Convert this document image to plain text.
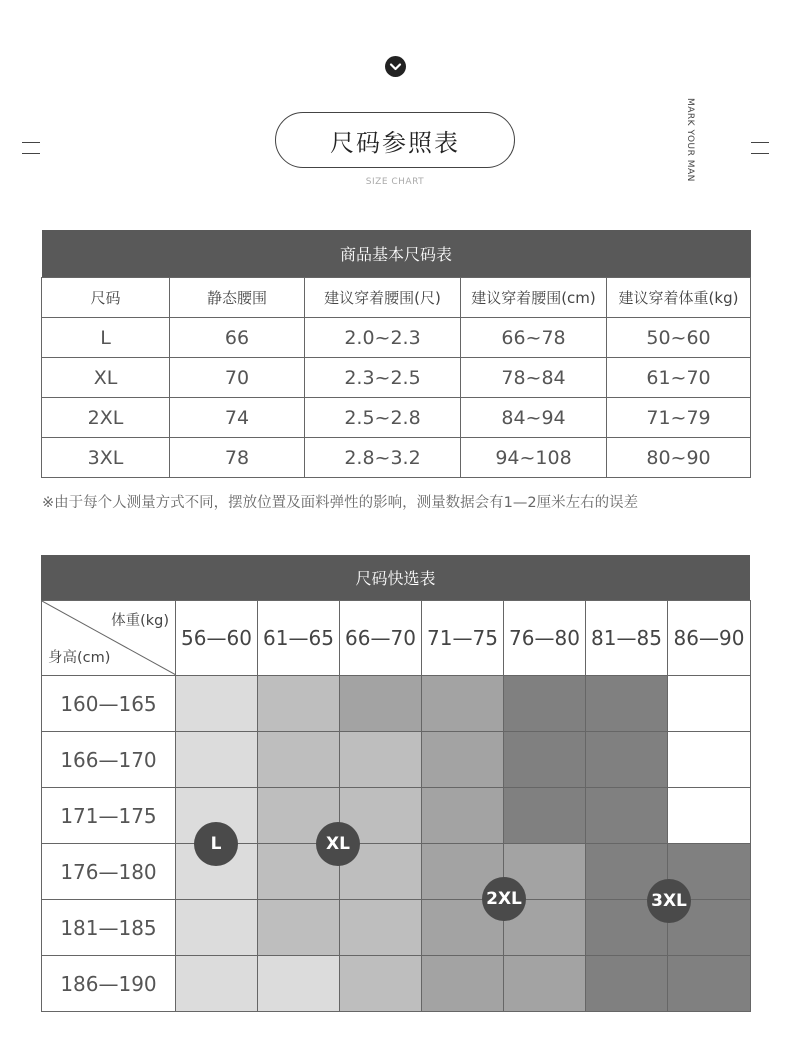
尺码参照表
SIZE CHART
MARK YOUR MAN
商品基本尺码表				
尺码	静态腰围	建议穿着腰围(尺)	建议穿着腰围(cm)	建议穿着体重(kg)
L	66	2.0~2.3	66~78	50~60
XL	70	2.3~2.5	78~84	61~70
2XL	74	2.5~2.8	84~94	71~79
3XL	78	2.8~3.2	94~108	80~90
※由于每个人测量方式不同，摆放位置及面料弹性的影响，测量数据会有1—2厘米左右的误差
尺码快选表
体重(kg)
身高(cm)	56—60	61—65	66—70	71—75	76—80	81—85	86—90
160—165							
166—170							
171—175							
176—180							
181—185							
186—190							
L	XL
2XL	3XL
